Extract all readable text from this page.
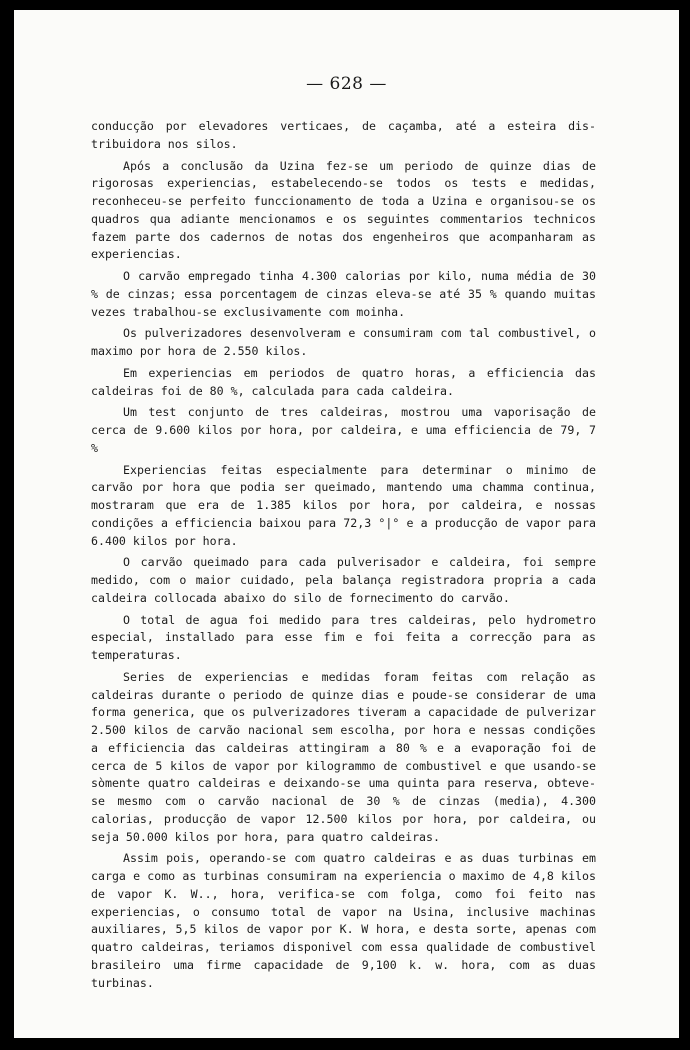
— 628 —

conducção por elevadores verticaes, de caçamba, até a esteira dis-tribuidora nos silos.

Após a conclusão da Uzina fez-se um periodo de quinze dias de rigorosas experiencias, estabelecendo-se todos os tests e medidas, reconheceu-se perfeito funccionamento de toda a Uzina e organisou-se os quadros qua adiante mencionamos e os seguintes commentarios technicos fazem parte dos cadernos de notas dos engenheiros que acompanharam as experiencias.

O carvão empregado tinha 4.300 calorias por kilo, numa média de 30 % de cinzas; essa porcentagem de cinzas eleva-se até 35 % quando muitas vezes trabalhou-se exclusivamente com moinha.

Os pulverizadores desenvolveram e consumiram com tal combustivel, o maximo por hora de 2.550 kilos.

Em experiencias em periodos de quatro horas, a efficiencia das caldeiras foi de 80 %, calculada para cada caldeira.

Um test conjunto de tres caldeiras, mostrou uma vaporisação de cerca de 9.600 kilos por hora, por caldeira, e uma efficiencia de 79, 7 %

Experiencias feitas especialmente para determinar o minimo de carvão por hora que podia ser queimado, mantendo uma chamma continua, mostraram que era de 1.385 kilos por hora, por caldeira, e nossas condições a efficiencia baixou para 72,3 °|° e a producção de vapor para 6.400 kilos por hora.

O carvão queimado para cada pulverisador e caldeira, foi sempre medido, com o maior cuidado, pela balança registradora propria a cada caldeira collocada abaixo do silo de fornecimento do carvão.

O total de agua foi medido para tres caldeiras, pelo hydrometro especial, installado para esse fim e foi feita a correcção para as temperaturas.

Series de experiencias e medidas foram feitas com relação as caldeiras durante o periodo de quinze dias e poude-se considerar de uma forma generica, que os pulverizadores tiveram a capacidade de pulverizar 2.500 kilos de carvão nacional sem escolha, por hora e nessas condições a efficiencia das caldeiras attingiram a 80 % e a evaporação foi de cerca de 5 kilos de vapor por kilogrammo de combustivel e que usando-se sòmente quatro caldeiras e deixando-se uma quinta para reserva, obteve-se mesmo com o carvão nacional de 30 % de cinzas (media), 4.300 calorias, producção de vapor 12.500 kilos por hora, por caldeira, ou seja 50.000 kilos por hora, para quatro caldeiras.

Assim pois, operando-se com quatro caldeiras e as duas turbinas em carga e como as turbinas consumiram na experiencia o maximo de 4,8 kilos de vapor K. W.., hora, verifica-se com folga, como foi feito nas experiencias, o consumo total de vapor na Usina, inclusive machinas auxiliares, 5,5 kilos de vapor por K. W hora, e desta sorte, apenas com quatro caldeiras, teriamos disponivel com essa qualidade de combustivel brasileiro uma firme capacidade de 9,100 k. w. hora, com as duas turbinas.
